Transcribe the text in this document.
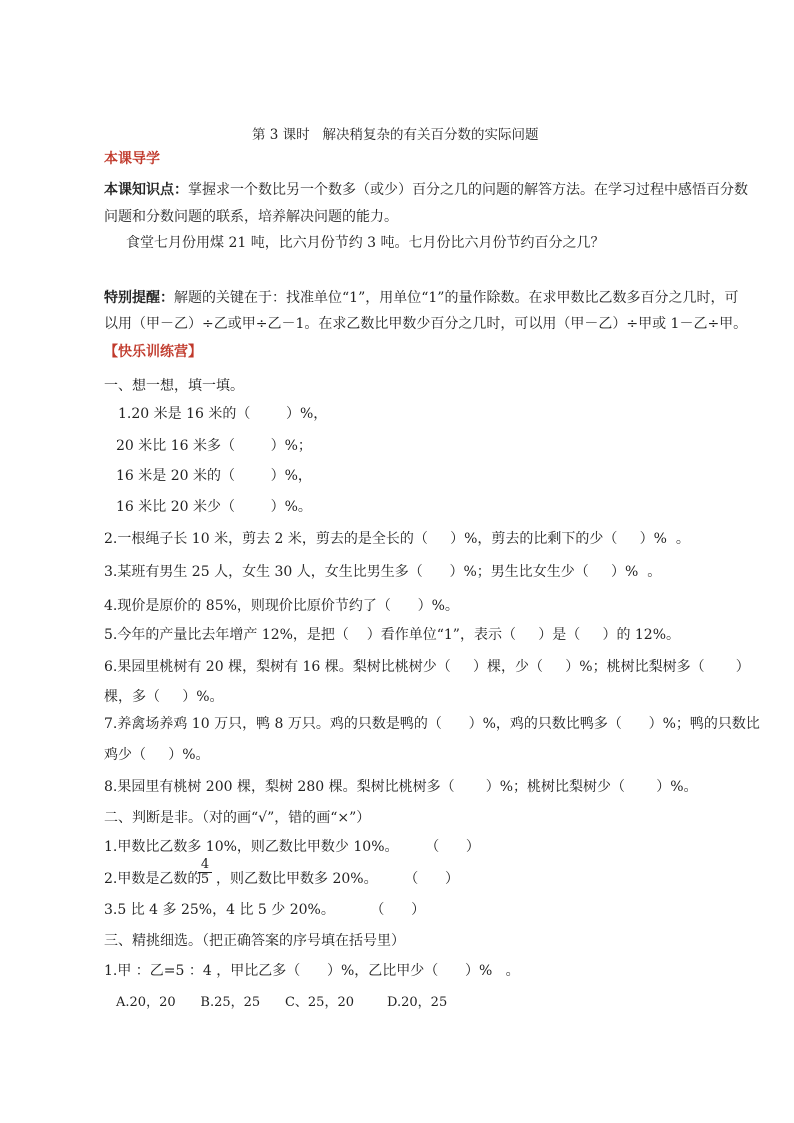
第 3 课时   解决稍复杂的有关百分数的实际问题
本课导学
本课知识点：掌握求一个数比另一个数多（或少）百分之几的问题的解答方法。在学习过程中感悟百分数
问题和分数问题的联系，培养解决问题的能力。
食堂七月份用煤 21 吨，比六月份节约 3 吨。七月份比六月份节约百分之几？
特别提醒：解题的关键在于：找准单位“1”，用单位“1”的量作除数。在求甲数比乙数多百分之几时，可
以用（甲－乙）÷乙或甲÷乙－1。在求乙数比甲数少百分之几时，可以用（甲－乙）÷甲或 1－乙÷甲。
【快乐训练营】
一、想一想，填一填。
1.20 米是 16 米的（        ）%，
20 米比 16 米多（        ）%；
16 米是 20 米的（        ）%，
16 米比 20 米少（        ）%。
2.一根绳子长 10 米，剪去 2 米，剪去的是全长的（     ）%，剪去的比剩下的少（     ）%  。
3.某班有男生 25 人，女生 30 人，女生比男生多（      ）%；男生比女生少（     ）%  。
4.现价是原价的 85%，则现价比原价节约了（      ）%。
5.今年的产量比去年增产 12%，是把（    ）看作单位“1”，表示（     ）是（     ）的 12%。
6.果园里桃树有 20 棵，梨树有 16 棵。梨树比桃树少（     ）棵，少（     ）%；桃树比梨树多（       ）
棵，多（     ）%。
7.养禽场养鸡 10 万只，鸭 8 万只。鸡的只数是鸭的（      ）%，鸡的只数比鸭多（      ）%；鸭的只数比
鸡少（     ）%。
8.果园里有桃树 200 棵，梨树 280 棵。梨树比桃树多（       ）%；桃树比梨树少（       ）%。
二、判断是非。（对的画“√”，错的画“×”）
1.甲数比乙数多 10%，则乙数比甲数少 10%。      （      ）
2.甲数是乙数的
$\frac{4}{5}$ ，则乙数比甲数多 20%。      （      ）
3.5 比 4 多 25%，4 比 5 少 20%。        （      ）
三、精挑细选。（把正确答案的序号填在括号里）
1.甲 ：乙=5 ：4 ，甲比乙多（      ）%，乙比甲少（      ）%   。
A.20，20      B.25，25      C、25，20        D.20，25
